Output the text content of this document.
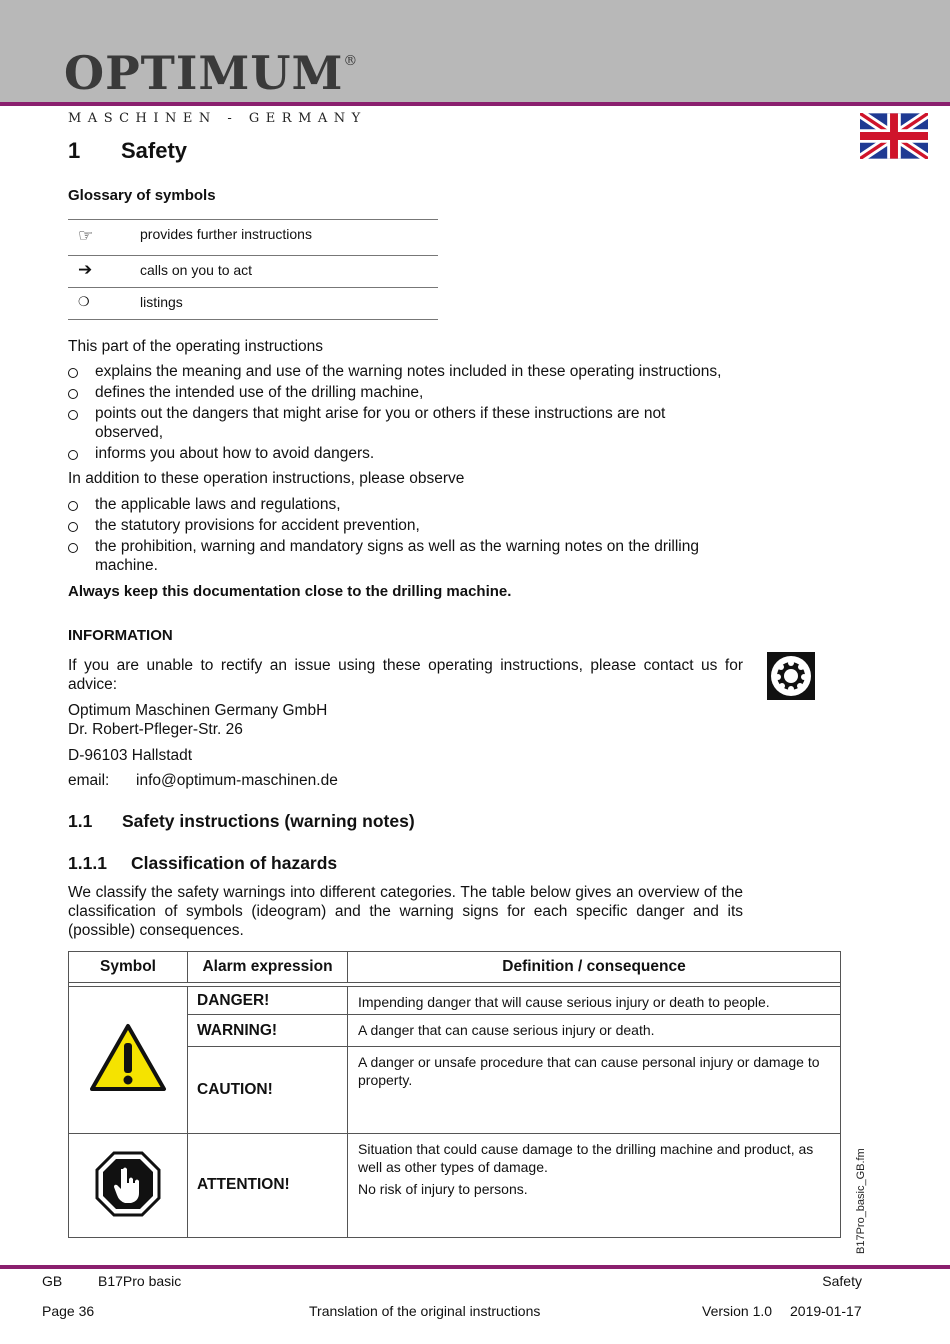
OPTIMUM®
MASCHINEN - GERMANY
1 Safety
Glossary of symbols
☞	provides further instructions
➔	calls on you to act
❍	listings
This part of the operating instructions
explains the meaning and use of the warning notes included in these operating instructions,
defines the intended use of the drilling machine,
points out the dangers that might arise for you or others if these instructions are not observed,
informs you about how to avoid dangers.
In addition to these operation instructions, please observe
the applicable laws and regulations,
the statutory provisions for accident prevention,
the prohibition, warning and mandatory signs as well as the warning notes on the drilling machine.
Always keep this documentation close to the drilling machine.
INFORMATION
If you are unable to rectify an issue using these operating instructions, please contact us for advice:
Optimum Maschinen Germany GmbH
Dr. Robert-Pfleger-Str. 26
D-96103 Hallstadt
email: info@optimum-maschinen.de
1.1 Safety instructions (warning notes)
1.1.1 Classification of hazards
We classify the safety warnings into different categories. The table below gives an overview of the classification of symbols (ideogram) and the warning signs for each specific danger and its (possible) consequences.
Symbol	Alarm expression	Definition / consequence

	DANGER!	Impending danger that will cause serious injury or death to people.
	WARNING!	A danger that can cause serious injury or death.
	CAUTION!	A danger or unsafe procedure that can cause personal injury or damage to property.
	ATTENTION!	Situation that could cause damage to the drilling machine and product, as well as other types of damage.
No risk of injury to persons.	B17Pro_basic_GB.fm
GB	B17Pro basic	Safety
Page 36	Translation of the original instructions	Version 1.0 2019-01-17
